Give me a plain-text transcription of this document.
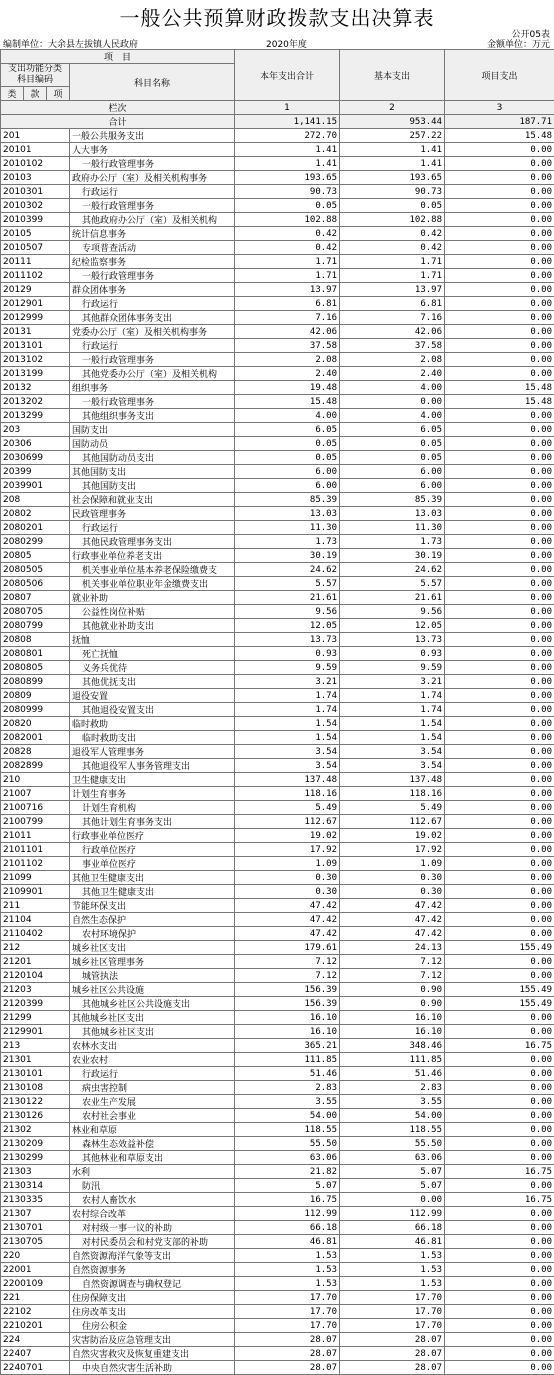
一般公共预算财政拨款支出决算表
公开05表
编制单位：大余县左拔镇人民政府	2020年度	金额单位：万元
项　目				本年支出合计	基本支出	项目支出
支出功能分类
科目编码			科目名称			

类	款	项				
栏次				1	2	3
合计				1,141.15	953.44	187.71
201			一般公共服务支出	272.70	257.22	15.48
20101			人大事务	1.41	1.41	0.00
2010102			一般行政管理事务	1.41	1.41	0.00
20103			政府办公厅（室）及相关机构事务	193.65	193.65	0.00
2010301			行政运行	90.73	90.73	0.00
2010302			一般行政管理事务	0.05	0.05	0.00
2010399			其他政府办公厅（室）及相关机构	102.88	102.88	0.00
20105			统计信息事务	0.42	0.42	0.00
2010507			专项普查活动	0.42	0.42	0.00
20111			纪检监察事务	1.71	1.71	0.00
2011102			一般行政管理事务	1.71	1.71	0.00
20129			群众团体事务	13.97	13.97	0.00
2012901			行政运行	6.81	6.81	0.00
2012999			其他群众团体事务支出	7.16	7.16	0.00
20131			党委办公厅（室）及相关机构事务	42.06	42.06	0.00
2013101			行政运行	37.58	37.58	0.00
2013102			一般行政管理事务	2.08	2.08	0.00
2013199			其他党委办公厅（室）及相关机构	2.40	2.40	0.00
20132			组织事务	19.48	4.00	15.48
2013202			一般行政管理事务	15.48	0.00	15.48
2013299			其他组织事务支出	4.00	4.00	0.00
203			国防支出	6.05	6.05	0.00
20306			国防动员	0.05	0.05	0.00
2030699			其他国防动员支出	0.05	0.05	0.00
20399			其他国防支出	6.00	6.00	0.00
2039901			其他国防支出	6.00	6.00	0.00
208			社会保障和就业支出	85.39	85.39	0.00
20802			民政管理事务	13.03	13.03	0.00
2080201			行政运行	11.30	11.30	0.00
2080299			其他民政管理事务支出	1.73	1.73	0.00
20805			行政事业单位养老支出	30.19	30.19	0.00
2080505			机关事业单位基本养老保险缴费支	24.62	24.62	0.00
2080506			机关事业单位职业年金缴费支出	5.57	5.57	0.00
20807			就业补助	21.61	21.61	0.00
2080705			公益性岗位补贴	9.56	9.56	0.00
2080799			其他就业补助支出	12.05	12.05	0.00
20808			抚恤	13.73	13.73	0.00
2080801			死亡抚恤	0.93	0.93	0.00
2080805			义务兵优待	9.59	9.59	0.00
2080899			其他优抚支出	3.21	3.21	0.00
20809			退役安置	1.74	1.74	0.00
2080999			其他退役安置支出	1.74	1.74	0.00
20820			临时救助	1.54	1.54	0.00
2082001			临时救助支出	1.54	1.54	0.00
20828			退役军人管理事务	3.54	3.54	0.00
2082899			其他退役军人事务管理支出	3.54	3.54	0.00
210			卫生健康支出	137.48	137.48	0.00
21007			计划生育事务	118.16	118.16	0.00
2100716			计划生育机构	5.49	5.49	0.00
2100799			其他计划生育事务支出	112.67	112.67	0.00
21011			行政事业单位医疗	19.02	19.02	0.00
2101101			行政单位医疗	17.92	17.92	0.00
2101102			事业单位医疗	1.09	1.09	0.00
21099			其他卫生健康支出	0.30	0.30	0.00
2109901			其他卫生健康支出	0.30	0.30	0.00
211			节能环保支出	47.42	47.42	0.00
21104			自然生态保护	47.42	47.42	0.00
2110402			农村环境保护	47.42	47.42	0.00
212			城乡社区支出	179.61	24.13	155.49
21201			城乡社区管理事务	7.12	7.12	0.00
2120104			城管执法	7.12	7.12	0.00
21203			城乡社区公共设施	156.39	0.90	155.49
2120399			其他城乡社区公共设施支出	156.39	0.90	155.49
21299			其他城乡社区支出	16.10	16.10	0.00
2129901			其他城乡社区支出	16.10	16.10	0.00
213			农林水支出	365.21	348.46	16.75
21301			农业农村	111.85	111.85	0.00
2130101			行政运行	51.46	51.46	0.00
2130108			病虫害控制	2.83	2.83	0.00
2130122			农业生产发展	3.55	3.55	0.00
2130126			农村社会事业	54.00	54.00	0.00
21302			林业和草原	118.55	118.55	0.00
2130209			森林生态效益补偿	55.50	55.50	0.00
2130299			其他林业和草原支出	63.06	63.06	0.00
21303			水利	21.82	5.07	16.75
2130314			防汛	5.07	5.07	0.00
2130335			农村人畜饮水	16.75	0.00	16.75
21307			农村综合改革	112.99	112.99	0.00
2130701			对村级一事一议的补助	66.18	66.18	0.00
2130705			对村民委员会和村党支部的补助	46.81	46.81	0.00
220			自然资源海洋气象等支出	1.53	1.53	0.00
22001			自然资源事务	1.53	1.53	0.00
2200109			自然资源调查与确权登记	1.53	1.53	0.00
221			住房保障支出	17.70	17.70	0.00
22102			住房改革支出	17.70	17.70	0.00
2210201			住房公积金	17.70	17.70	0.00
224			灾害防治及应急管理支出	28.07	28.07	0.00
22407			自然灾害救灾及恢复重建支出	28.07	28.07	0.00
2240701			中央自然灾害生活补助	28.07	28.07	0.00
